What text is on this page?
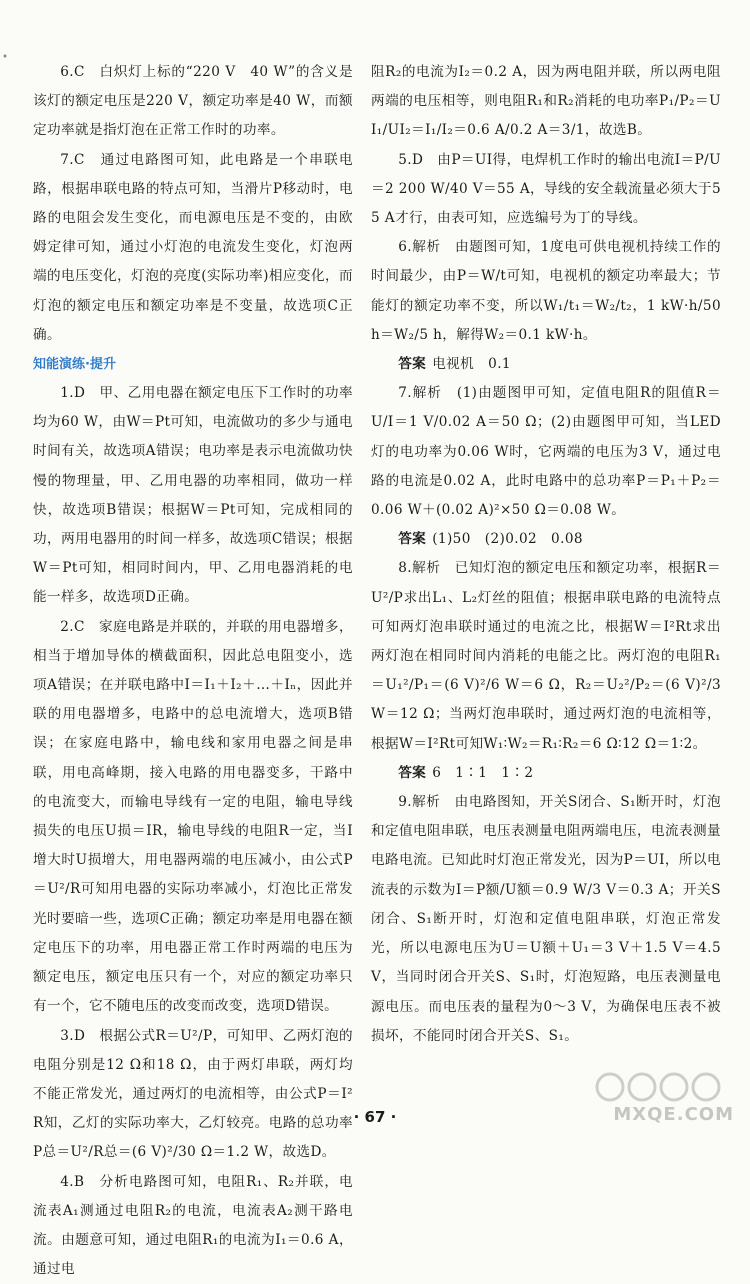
6.C　白炽灯上标的“220 V　40 W”的含义是该灯的额定电压是220 V，额定功率是40 W，而额定功率就是指灯泡在正常工作时的功率。

7.C　通过电路图可知，此电路是一个串联电路，根据串联电路的特点可知，当滑片P移动时，电路的电阻会发生变化，而电源电压是不变的，由欧姆定律可知，通过小灯泡的电流发生变化，灯泡两端的电压变化，灯泡的亮度(实际功率)相应变化，而灯泡的额定电压和额定功率是不变量，故选项C正确。

知能演练·提升

1.D　甲、乙用电器在额定电压下工作时的功率均为60 W，由W＝Pt可知，电流做功的多少与通电时间有关，故选项A错误；电功率是表示电流做功快慢的物理量，甲、乙用电器的功率相同，做功一样快，故选项B错误；根据W＝Pt可知，完成相同的功，两用电器用的时间一样多，故选项C错误；根据W＝Pt可知，相同时间内，甲、乙用电器消耗的电能一样多，故选项D正确。

2.C　家庭电路是并联的，并联的用电器增多，相当于增加导体的横截面积，因此总电阻变小，选项A错误；在并联电路中I＝I₁＋I₂＋…＋Iₙ，因此并联的用电器增多，电路中的总电流增大，选项B错误；在家庭电路中，输电线和家用电器之间是串联，用电高峰期，接入电路的用电器变多，干路中的电流变大，而输电导线有一定的电阻，输电导线损失的电压U损＝IR，输电导线的电阻R一定，当I增大时U损增大，用电器两端的电压减小，由公式P＝U²/R可知用电器的实际功率减小，灯泡比正常发光时要暗一些，选项C正确；额定功率是用电器在额定电压下的功率，用电器正常工作时两端的电压为额定电压，额定电压只有一个，对应的额定功率只有一个，它不随电压的改变而改变，选项D错误。

3.D　根据公式R＝U²/P，可知甲、乙两灯泡的电阻分别是12 Ω和18 Ω，由于两灯串联，两灯均不能正常发光，通过两灯的电流相等，由公式P＝I²R知，乙灯的实际功率大，乙灯较亮。电路的总功率P总＝U²/R总＝(6 V)²/30 Ω＝1.2 W，故选D。

4.B　分析电路图可知，电阻R₁、R₂并联，电流表A₁测通过电阻R₂的电流，电流表A₂测干路电流。由题意可知，通过电阻R₁的电流为I₁＝0.6 A，通过电

阻R₂的电流为I₂＝0.2 A，因为两电阻并联，所以两电阻两端的电压相等，则电阻R₁和R₂消耗的电功率P₁/P₂＝UI₁/UI₂＝I₁/I₂＝0.6 A/0.2 A＝3/1，故选B。

5.D　由P＝UI得，电焊机工作时的输出电流I＝P/U＝2 200 W/40 V＝55 A，导线的安全载流量必须大于55 A才行，由表可知，应选编号为丁的导线。

6.解析　由题图可知，1度电可供电视机持续工作的时间最少，由P＝W/t可知，电视机的额定功率最大；节能灯的额定功率不变，所以W₁/t₁＝W₂/t₂，1 kW·h/50 h＝W₂/5 h，解得W₂＝0.1 kW·h。

答案 电视机　0.1

7.解析　(1)由题图甲可知，定值电阻R的阻值R＝U/I＝1 V/0.02 A＝50 Ω；(2)由题图甲可知，当LED灯的电功率为0.06 W时，它两端的电压为3 V，通过电路的电流是0.02 A，此时电路中的总功率P＝P₁＋P₂＝0.06 W＋(0.02 A)²×50 Ω＝0.08 W。

答案 (1)50　(2)0.02　0.08

8.解析　已知灯泡的额定电压和额定功率，根据R＝U²/P求出L₁、L₂灯丝的阻值；根据串联电路的电流特点可知两灯泡串联时通过的电流之比，根据W＝I²Rt求出两灯泡在相同时间内消耗的电能之比。两灯泡的电阻R₁＝U₁²/P₁＝(6 V)²/6 W＝6 Ω，R₂＝U₂²/P₂＝(6 V)²/3 W＝12 Ω；当两灯泡串联时，通过两灯泡的电流相等，根据W＝I²Rt可知W₁∶W₂＝R₁∶R₂＝6 Ω∶12 Ω＝1∶2。

答案 6　1∶1　1∶2

9.解析　由电路图知，开关S闭合、S₁断开时，灯泡和定值电阻串联，电压表测量电阻两端电压，电流表测量电路电流。已知此时灯泡正常发光，因为P＝UI，所以电流表的示数为I＝P额/U额＝0.9 W/3 V＝0.3 A；开关S闭合、S₁断开时，灯泡和定值电阻串联，灯泡正常发光，所以电源电压为U＝U额＋U₁＝3 V＋1.5 V＝4.5 V，当同时闭合开关S、S₁时，灯泡短路，电压表测量电源电压。而电压表的量程为0～3 V，为确保电压表不被损坏，不能同时闭合开关S、S₁。

· 67 ·	MXQE.COM
